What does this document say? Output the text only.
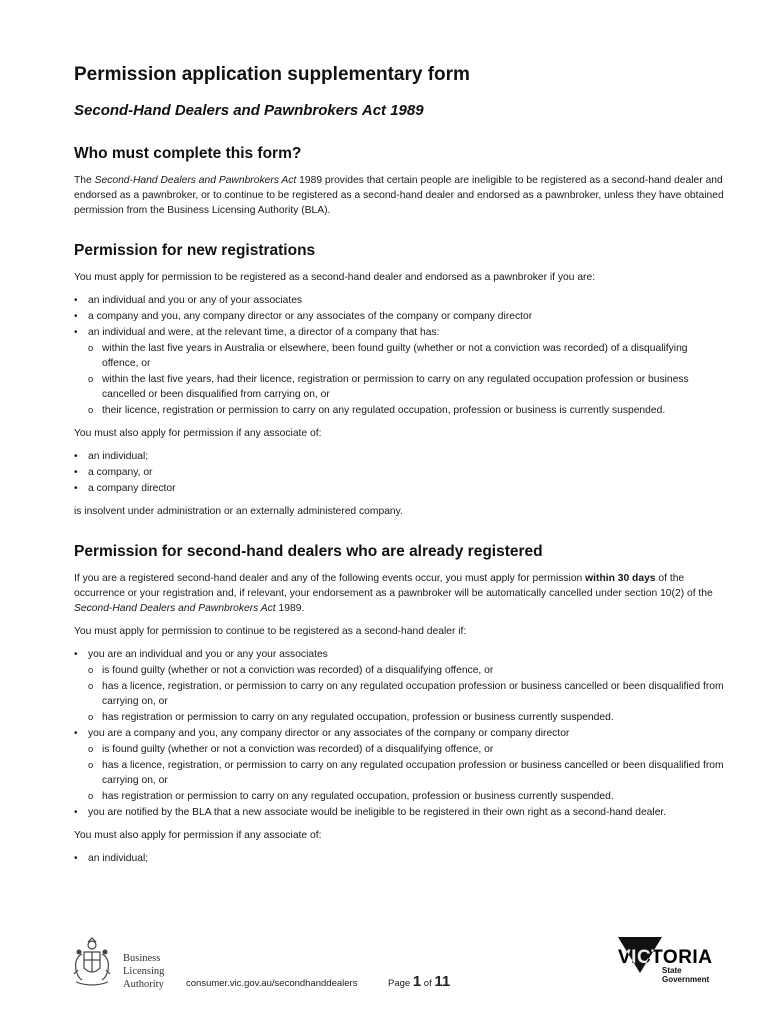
Permission application supplementary form
Second-Hand Dealers and Pawnbrokers Act 1989
Who must complete this form?

The Second-Hand Dealers and Pawnbrokers Act 1989 provides that certain people are ineligible to be registered as a second-hand dealer and endorsed as a pawnbroker, or to continue to be registered as a second-hand dealer and endorsed as a pawnbroker, unless they have obtained permission from the Business Licensing Authority (BLA).

Permission for new registrations

You must apply for permission to be registered as a second-hand dealer and endorsed as a pawnbroker if you are:

• an individual and you or any of your associates
• a company and you, any company director or any associates of the company or company director
• an individual and were, at the relevant time, a director of a company that has:
o within the last five years in Australia or elsewhere, been found guilty (whether or not a conviction was recorded) of a disqualifying offence, or
o within the last five years, had their licence, registration or permission to carry on any regulated occupation profession or business cancelled or been disqualified from carrying on, or
o their licence, registration or permission to carry on any regulated occupation, profession or business is currently suspended.

You must also apply for permission if any associate of:

• an individual;
• a company, or
• a company director

is insolvent under administration or an externally administered company.

Permission for second-hand dealers who are already registered

If you are a registered second-hand dealer and any of the following events occur, you must apply for permission within 30 days of the occurrence or your registration and, if relevant, your endorsement as a pawnbroker will be automatically cancelled under section 10(2) of the Second-Hand Dealers and Pawnbrokers Act 1989.

You must apply for permission to continue to be registered as a second-hand dealer if:

• you are an individual and you or any your associates
o is found guilty (whether or not a conviction was recorded) of a disqualifying offence, or
o has a licence, registration, or permission to carry on any regulated occupation profession or business cancelled or been disqualified from carrying on, or
o has registration or permission to carry on any regulated occupation, profession or business currently suspended.
• you are a company and you, any company director or any associates of the company or company director
o is found guilty (whether or not a conviction was recorded) of a disqualifying offence, or
o has a licence, registration, or permission to carry on any regulated occupation profession or business cancelled or been disqualified from carrying on, or
o has registration or permission to carry on any regulated occupation, profession or business currently suspended.
• you are notified by the BLA that a new associate would be ineligible to be registered in their own right as a second-hand dealer.

You must also apply for permission if any associate of:

• an individual;
Business
Licensing
Authority consumer.vic.gov.au/secondhanddealers	Page 1 of 11
VICTORIA
State
Government
